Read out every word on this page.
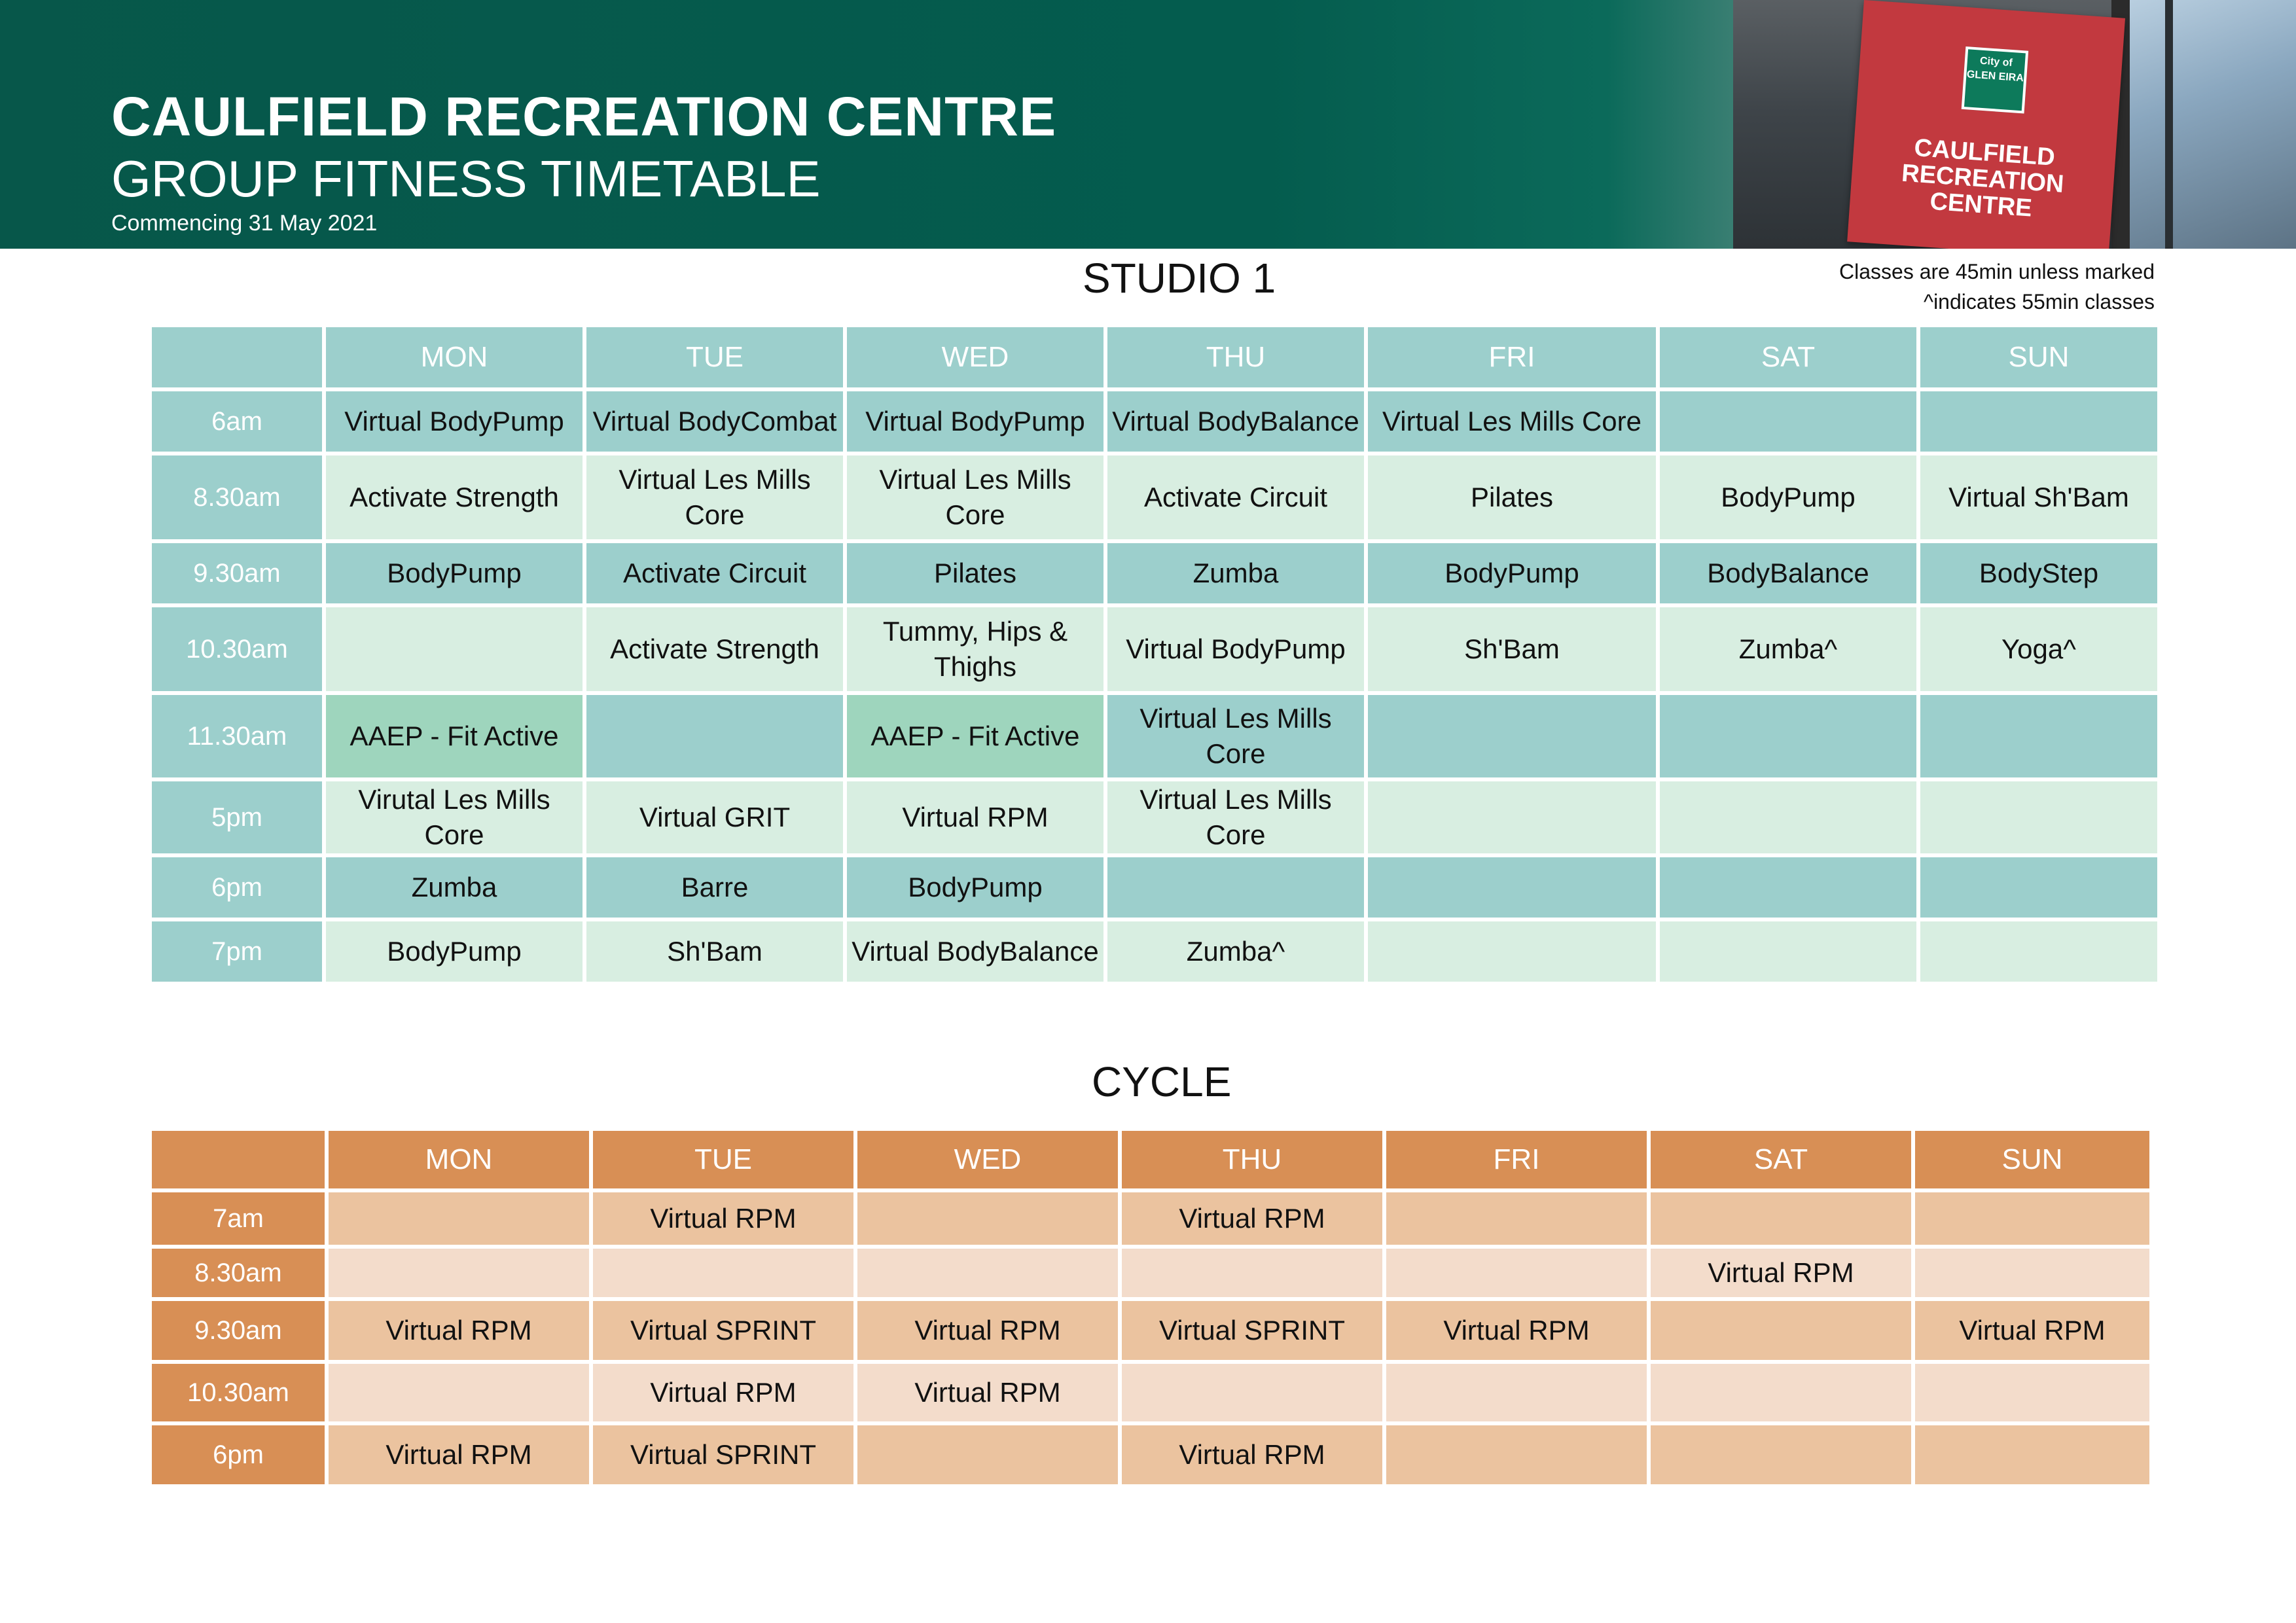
CAULFIELD RECREATION CENTRE
GROUP FITNESS TIMETABLE
Commencing 31 May 2021
City of GLEN EIRA
CAULFIELD RECREATION CENTRE
Classes are 45min unless marked
^indicates 55min classes
STUDIO 1
	MON	TUE	WED	THU	FRI	SAT	SUN
6am	Virtual BodyPump	Virtual BodyCombat	Virtual BodyPump	Virtual BodyBalance	Virtual Les Mills Core		
8.30am	Activate Strength	Virtual Les Mills Core	Virtual Les Mills Core	Activate Circuit	Pilates	BodyPump	Virtual Sh'Bam
9.30am	BodyPump	Activate Circuit	Pilates	Zumba	BodyPump	BodyBalance	BodyStep
10.30am		Activate Strength	Tummy, Hips & Thighs	Virtual BodyPump	Sh'Bam	Zumba^	Yoga^
11.30am	AAEP - Fit Active		AAEP - Fit Active	Virtual Les Mills Core			
5pm	Virutal Les Mills Core	Virtual GRIT	Virtual RPM	Virtual Les Mills Core			
6pm	Zumba	Barre	BodyPump				
7pm	BodyPump	Sh'Bam	Virtual BodyBalance	Zumba^			
CYCLE
	MON	TUE	WED	THU	FRI	SAT	SUN
7am		Virtual RPM		Virtual RPM			
8.30am						Virtual RPM	
9.30am	Virtual RPM	Virtual SPRINT	Virtual RPM	Virtual SPRINT	Virtual RPM		Virtual RPM
10.30am		Virtual RPM	Virtual RPM				
6pm	Virtual RPM	Virtual SPRINT		Virtual RPM			
